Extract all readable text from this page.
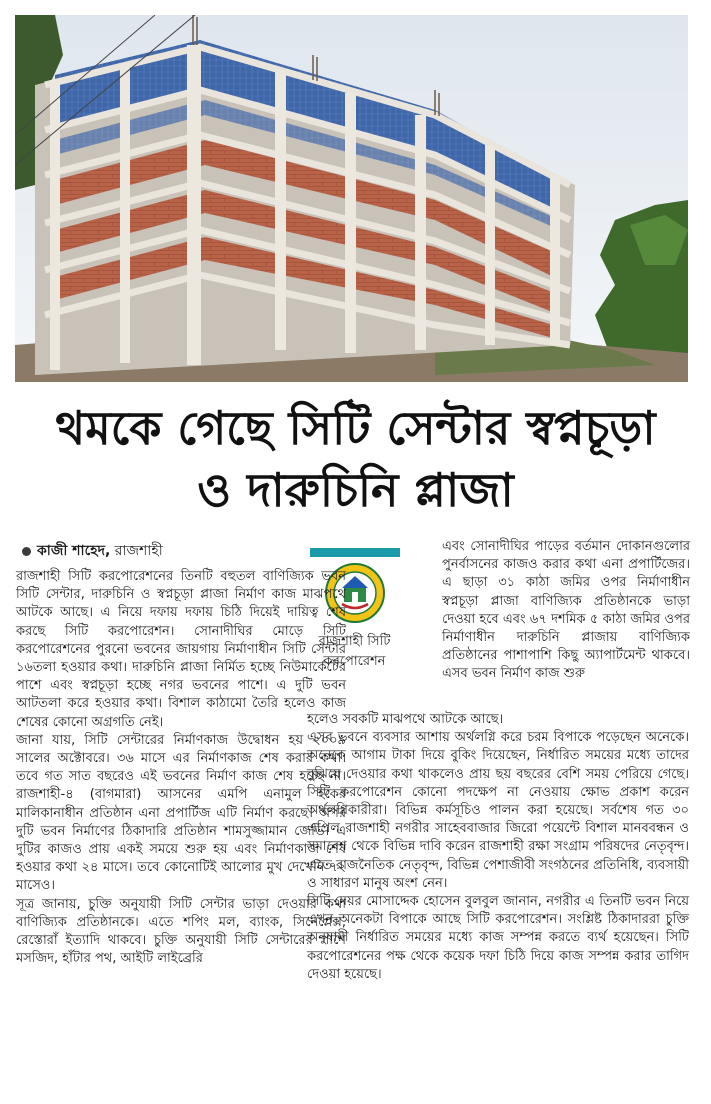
থমকে গেছে সিটি সেন্টার স্বপ্নচূড়া
ও দারুচিনি প্লাজা
কাজী শাহেদ, রাজশাহী
রাজশাহী সিটি করপোরেশন

রাজশাহী সিটি করপোরেশনের তিনটি বহুতল বাণিজ্যিক ভবন সিটি সেন্টার, দারুচিনি ও স্বপ্নচূড়া প্লাজা নির্মাণ কাজ মাঝপথে আটকে আছে। এ নিয়ে দফায় দফায় চিঠি দিয়েই দায়িত্ব শেষ করছে সিটি করপোরেশন। সোনাদীঘির মোড়ে সিটি করপোরেশনের পুরনো ভবনের জায়গায় নির্মাণাধীন সিটি সেন্টার ১৬তলা হওয়ার কথা। দারুচিনি প্লাজা নির্মিত হচ্ছে নিউমার্কেটের পাশে এবং স্বপ্নচূড়া হচ্ছে নগর ভবনের পাশে। এ দুটি ভবন আটতলা করে হওয়ার কথা। বিশাল কাঠামো তৈরি হলেও কাজ শেষের কোনো অগ্রগতি নেই।

জানা যায়, সিটি সেন্টারের নির্মাণকাজ উদ্বোধন হয় ২০০৯ সালের অক্টোবরে। ৩৬ মাসে এর নির্মাণকাজ শেষ করার কথা। তবে গত সাত বছরেও এই ভবনের নির্মাণ কাজ শেষ হচ্ছে না। রাজশাহী-৪ (বাগমারা) আসনের এমপি এনামুল হকের মালিকানাধীন প্রতিষ্ঠান এনা প্রপার্টিজ এটি নির্মাণ করছে। অপর দুটি ভবন নির্মাণের ঠিকাদারি প্রতিষ্ঠান শামসুজ্জামান জেভি। এ দুটির কাজও প্রায় একই সময়ে শুরু হয় এবং নির্মাণকাজ শেষ হওয়ার কথা ২৪ মাসে। তবে কোনোটিই আলোর মুখ দেখেনি ৭২ মাসেও।

সূত্র জানায়, চুক্তি অনুযায়ী সিটি সেন্টার ভাড়া দেওয়ার কথা বাণিজ্যিক প্রতিষ্ঠানকে। এতে শপিং মল, ব্যাংক, সিনেপ্লেক্স, রেস্তোরাঁ ইত্যাদি থাকবে। চুক্তি অনুযায়ী সিটি সেন্টারের পাশে মসজিদ, হাঁটার পথ, আইটি লাইব্রেরি

এবং সোনাদীঘির পাড়ের বর্তমান দোকানগুলোর পুনর্বাসনের কাজও করার কথা এনা প্রপার্টিজের। এ ছাড়া ৩১ কাঠা জমির ওপর নির্মাণাধীন স্বপ্নচূড়া প্লাজা বাণিজ্যিক প্রতিষ্ঠানকে ভাড়া দেওয়া হবে এবং ৬৭ দশমিক ৫ কাঠা জমির ওপর নির্মাণাধীন দারুচিনি প্লাজায় বাণিজ্যিক প্রতিষ্ঠানের পাশাপাশি কিছু অ্যাপার্টমেন্ট থাকবে। এসব ভবন নির্মাণ কাজ শুরু

হলেও সবকটি মাঝপথে আটকে আছে।

এসব ভবনে ব্যবসার আশায় অর্থলগ্নি করে চরম বিপাকে পড়েছেন অনেকে। অনেকে আগাম টাকা দিয়ে বুকিং দিয়েছেন, নির্ধারিত সময়ের মধ্যে তাদের বুঝিয়ে দেওয়ার কথা থাকলেও প্রায় ছয় বছরের বেশি সময় পেরিয়ে গেছে। সিটি করপোরেশন কোনো পদক্ষেপ না নেওয়ায় ক্ষোভ প্রকাশ করেন অর্থলগ্নিকারীরা। বিভিন্ন কর্মসূচিও পালন করা হয়েছে। সর্বশেষ গত ৩০ এপ্রিল রাজশাহী নগরীর সাহেববাজার জিরো পয়েন্টে বিশাল মানববন্ধন ও সমাবেশ থেকে বিভিন্ন দাবি করেন রাজশাহী রক্ষা সংগ্রাম পরিষদের নেতৃবৃন্দ। এতে রাজনৈতিক নেতৃবৃন্দ, বিভিন্ন পেশাজীবী সংগঠনের প্রতিনিধি, ব্যবসায়ী ও সাধারণ মানুষ অংশ নেন।

সিটি মেয়র মোসাদ্দেক হোসেন বুলবুল জানান, নগরীর এ তিনটি ভবন নিয়ে এখন অনেকটা বিপাকে আছে সিটি করপোরেশন। সংশ্লিষ্ট ঠিকাদাররা চুক্তি অনুযায়ী নির্ধারিত সময়ের মধ্যে কাজ সম্পন্ন করতে ব্যর্থ হয়েছেন। সিটি করপোরেশনের পক্ষ থেকে কয়েক দফা চিঠি দিয়ে কাজ সম্পন্ন করার তাগিদ দেওয়া হয়েছে।
